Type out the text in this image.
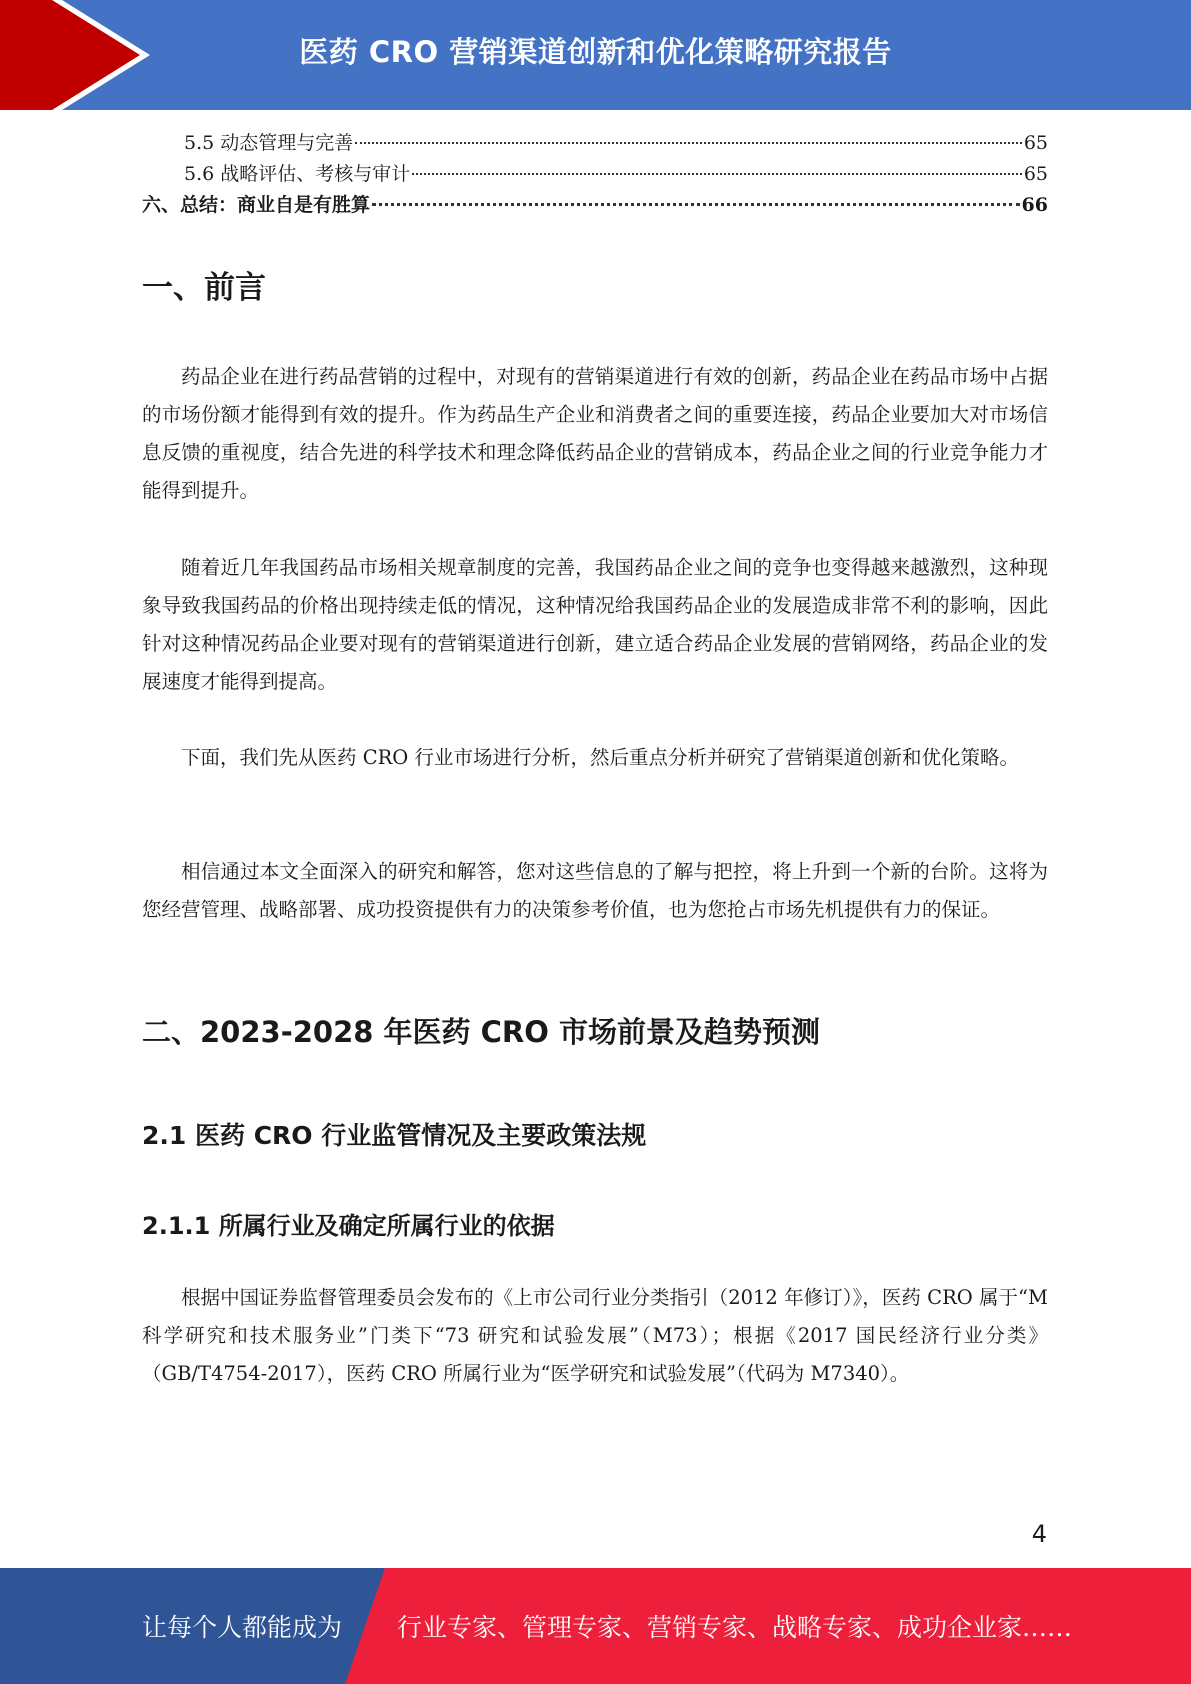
医药 CRO 营销渠道创新和优化策略研究报告
5.5 动态管理与完善	65
5.6 战略评估、考核与审计	65
六、总结：商业自是有胜算	66
一、前言

药品企业在进行药品营销的过程中，对现有的营销渠道进行有效的创新，药品企业在药品市场中占据的市场份额才能得到有效的提升。作为药品生产企业和消费者之间的重要连接，药品企业要加大对市场信息反馈的重视度，结合先进的科学技术和理念降低药品企业的营销成本，药品企业之间的行业竞争能力才能得到提升。

随着近几年我国药品市场相关规章制度的完善，我国药品企业之间的竞争也变得越来越激烈，这种现象导致我国药品的价格出现持续走低的情况，这种情况给我国药品企业的发展造成非常不利的影响，因此针对这种情况药品企业要对现有的营销渠道进行创新，建立适合药品企业发展的营销网络，药品企业的发展速度才能得到提高。

下面，我们先从医药 CRO 行业市场进行分析，然后重点分析并研究了营销渠道创新和优化策略。

相信通过本文全面深入的研究和解答，您对这些信息的了解与把控，将上升到一个新的台阶。这将为您经营管理、战略部署、成功投资提供有力的决策参考价值，也为您抢占市场先机提供有力的保证。

二、2023-2028 年医药 CRO 市场前景及趋势预测
2.1 医药 CRO 行业监管情况及主要政策法规
2.1.1 所属行业及确定所属行业的依据

根据中国证券监督管理委员会发布的《上市公司行业分类指引（2012 年修订）》，医药 CRO 属于“M 科学研究和技术服务业”门类下“73 研究和试验发展”（M73）；根据《2017 国民经济行业分类》（GB/T4754-2017），医药 CRO 所属行业为“医学研究和试验发展”（代码为 M7340）。

4
让每个人都能成为 行业专家、管理专家、营销专家、战略专家、成功企业家……
